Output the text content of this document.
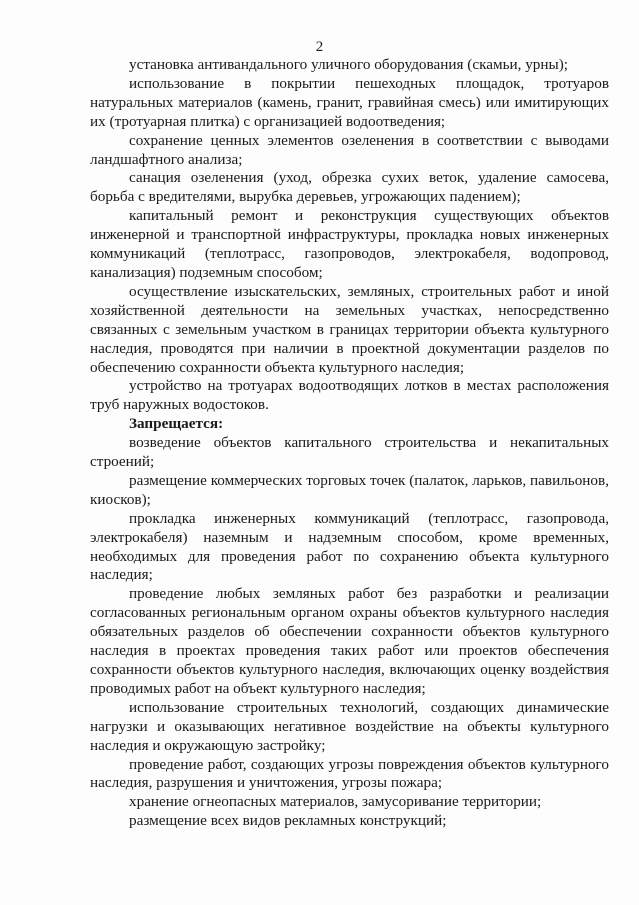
2

установка антивандального уличного оборудования (скамьи, урны);

использование в покрытии пешеходных площадок, тротуаров натуральных материалов (камень, гранит, гравийная смесь) или имитирующих их (тротуарная плитка) с организацией водоотведения;

сохранение ценных элементов озеленения в соответствии с выводами ландшафтного анализа;

санация озеленения (уход, обрезка сухих веток, удаление самосева, борьба с вредителями, вырубка деревьев, угрожающих падением);

капитальный ремонт и реконструкция существующих объектов инженерной и транспортной инфраструктуры, прокладка новых инженерных коммуникаций (теплотрасс, газопроводов, электрокабеля, водопровод, канализация) подземным способом;

осуществление изыскательских, земляных, строительных работ и иной хозяйственной деятельности на земельных участках, непосредственно связанных с земельным участком в границах территории объекта культурного наследия, проводятся при наличии в проектной документации разделов по обеспечению сохранности объекта культурного наследия;

устройство на тротуарах водоотводящих лотков в местах расположения труб наружных водостоков.

Запрещается:

возведение объектов капитального строительства и некапитальных строений;

размещение коммерческих торговых точек (палаток, ларьков, павильонов, киосков);

прокладка инженерных коммуникаций (теплотрасс, газопровода, электрокабеля) наземным и надземным способом, кроме временных, необходимых для проведения работ по сохранению объекта культурного наследия;

проведение любых земляных работ без разработки и реализации согласованных региональным органом охраны объектов культурного наследия обязательных разделов об обеспечении сохранности объектов культурного наследия в проектах проведения таких работ или проектов обеспечения сохранности объектов культурного наследия, включающих оценку воздействия проводимых работ на объект культурного наследия;

использование строительных технологий, создающих динамические нагрузки и оказывающих негативное воздействие на объекты культурного наследия и окружающую застройку;

проведение работ, создающих угрозы повреждения объектов культурного наследия, разрушения и уничтожения, угрозы пожара;

хранение огнеопасных материалов, замусоривание территории;

размещение всех видов рекламных конструкций;
